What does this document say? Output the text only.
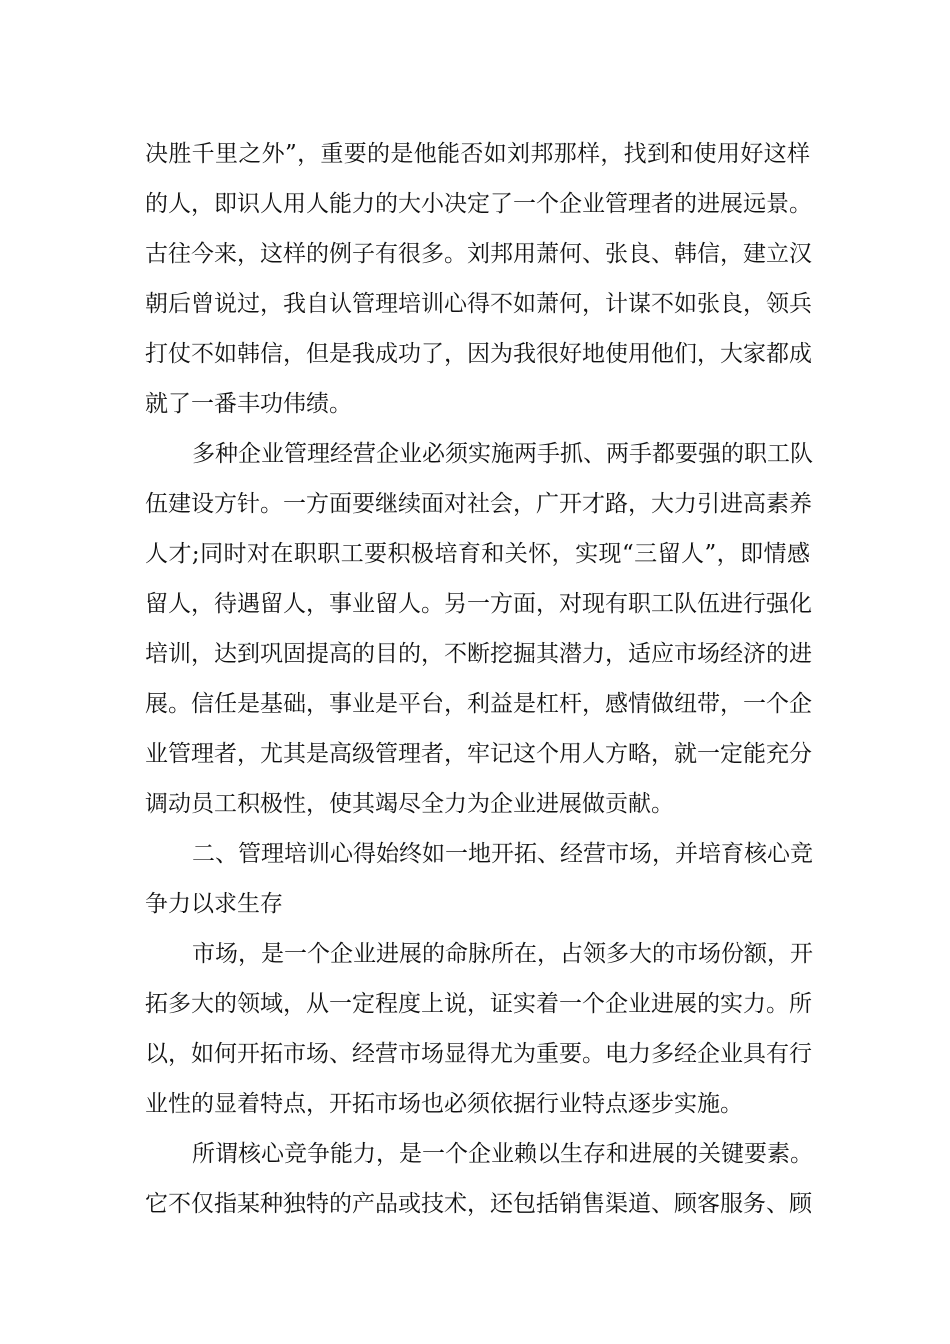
决胜千里之外”，重要的是他能否如刘邦那样，找到和使用好这样
的人，即识人用人能力的大小决定了一个企业管理者的进展远景。
古往今来，这样的例子有很多。刘邦用萧何、张良、韩信，建立汉
朝后曾说过，我自认管理培训心得不如萧何，计谋不如张良，领兵
打仗不如韩信，但是我成功了，因为我很好地使用他们，大家都成
就了一番丰功伟绩。
多种企业管理经营企业必须实施两手抓、两手都要强的职工队
伍建设方针。一方面要继续面对社会，广开才路，大力引进高素养
人才;同时对在职职工要积极培育和关怀，实现“三留人”，即情感
留人，待遇留人，事业留人。另一方面，对现有职工队伍进行强化
培训，达到巩固提高的目的，不断挖掘其潜力，适应市场经济的进
展。信任是基础，事业是平台，利益是杠杆，感情做纽带，一个企
业管理者，尤其是高级管理者，牢记这个用人方略，就一定能充分
调动员工积极性，使其竭尽全力为企业进展做贡献。
二、管理培训心得始终如一地开拓、经营市场，并培育核心竞
争力以求生存
市场，是一个企业进展的命脉所在，占领多大的市场份额，开
拓多大的领域，从一定程度上说，证实着一个企业进展的实力。所
以，如何开拓市场、经营市场显得尤为重要。电力多经企业具有行
业性的显着特点，开拓市场也必须依据行业特点逐步实施。
所谓核心竞争能力，是一个企业赖以生存和进展的关键要素。
它不仅指某种独特的产品或技术，还包括销售渠道、顾客服务、顾
